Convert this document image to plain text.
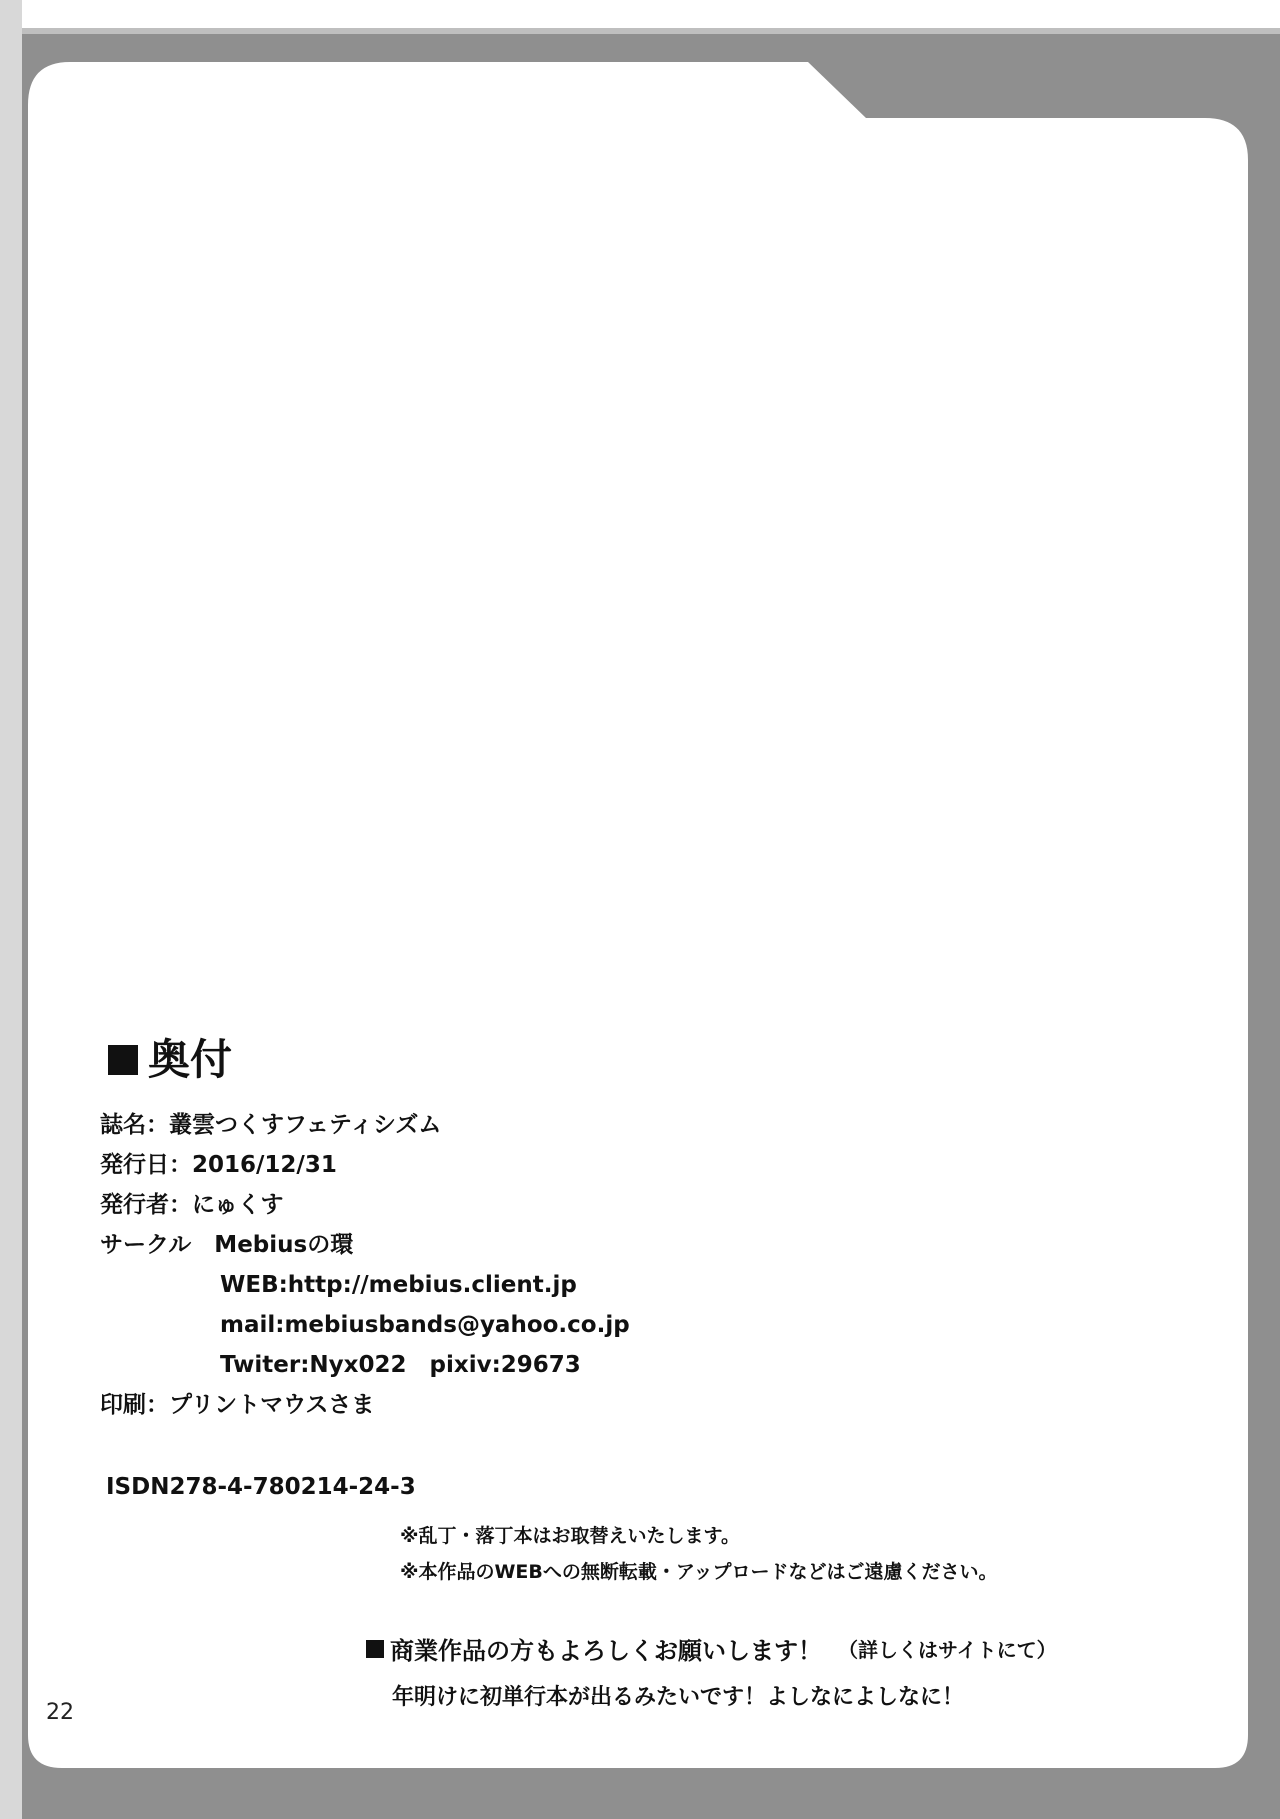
奥付
誌名：叢雲つくすフェティシズム
発行日：2016/12/31
発行者：にゅくす
サークル　Mebiusの環
WEB:http://mebius.client.jp
mail:mebiusbands@yahoo.co.jp
Twiter:Nyx022　pixiv:29673
印刷：プリントマウスさま
ISDN278-4-780214-24-3
※乱丁・落丁本はお取替えいたします。
※本作品のWEBへの無断転載・アップロードなどはご遠慮ください。
商業作品の方もよろしくお願いします！ （詳しくはサイトにて）
年明けに初単行本が出るみたいです！よしなによしなに！
22
